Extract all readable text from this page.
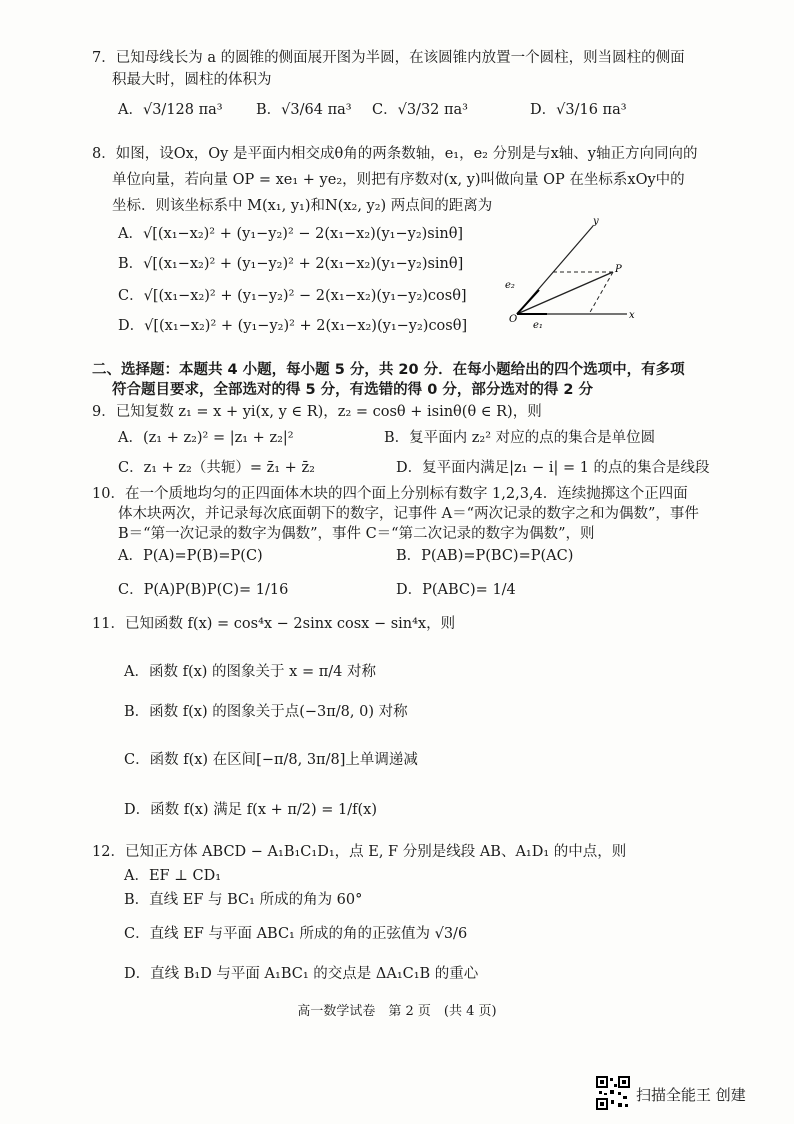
7．已知母线长为 a 的圆锥的侧面展开图为半圆，在该圆锥内放置一个圆柱，则当圆柱的侧面
积最大时，圆柱的体积为
A．√3/128 πa³ B．√3/64 πa³ C．√3/32 πa³	D．√3/16 πa³
8．如图，设Ox，Oy 是平面内相交成θ角的两条数轴，e₁，e₂ 分别是与x轴、y轴正方向同向的
单位向量，若向量 OP = xe₁ + ye₂，则把有序数对(x, y)叫做向量 OP 在坐标系xOy中的
坐标．则该坐标系中 M(x₁, y₁)和N(x₂, y₂) 两点间的距离为
A．√[(x₁−x₂)² + (y₁−y₂)² − 2(x₁−x₂)(y₁−y₂)sinθ]
B．√[(x₁−x₂)² + (y₁−y₂)² + 2(x₁−x₂)(y₁−y₂)sinθ]
C．√[(x₁−x₂)² + (y₁−y₂)² − 2(x₁−x₂)(y₁−y₂)cosθ]
D．√[(x₁−x₂)² + (y₁−y₂)² + 2(x₁−x₂)(y₁−y₂)cosθ]	O	x
y
P
e₁
e₂
二、选择题：本题共 4 小题，每小题 5 分，共 20 分．在每小题给出的四个选项中，有多项
符合题目要求，全部选对的得 5 分，有选错的得 0 分，部分选对的得 2 分
9．已知复数 z₁ = x + yi(x, y ∈ R)，z₂ = cosθ + isinθ(θ ∈ R)，则
A．(z₁ + z₂)² = |z₁ + z₂|²	B．复平面内 z₂² 对应的点的集合是单位圆
C．z₁ + z₂（共轭）= z̄₁ + z̄₂	D．复平面内满足|z₁ − i| = 1 的点的集合是线段
10．在一个质地均匀的正四面体木块的四个面上分别标有数字 1,2,3,4．连续抛掷这个正四面
体木块两次，并记录每次底面朝下的数字，记事件 A＝“两次记录的数字之和为偶数”，事件
B＝“第一次记录的数字为偶数”，事件 C＝“第二次记录的数字为偶数”，则
A．P(A)=P(B)=P(C)	B．P(AB)=P(BC)=P(AC)
C．P(A)P(B)P(C)= 1/16	D．P(ABC)= 1/4
11．已知函数 f(x) = cos⁴x − 2sinx cosx − sin⁴x，则
A．函数 f(x) 的图象关于 x = π/4 对称
B．函数 f(x) 的图象关于点(−3π/8, 0) 对称
C．函数 f(x) 在区间[−π/8, 3π/8]上单调递减
D．函数 f(x) 满足 f(x + π/2) = 1/f(x)
12．已知正方体 ABCD − A₁B₁C₁D₁，点 E, F 分别是线段 AB、A₁D₁ 的中点，则
A．EF ⊥ CD₁
B．直线 EF 与 BC₁ 所成的角为 60°
C．直线 EF 与平面 ABC₁ 所成的角的正弦值为 √3/6
D．直线 B₁D 与平面 A₁BC₁ 的交点是 ΔA₁C₁B 的重心
高一数学试卷　第 2 页　(共 4 页)
扫描全能王 创建
